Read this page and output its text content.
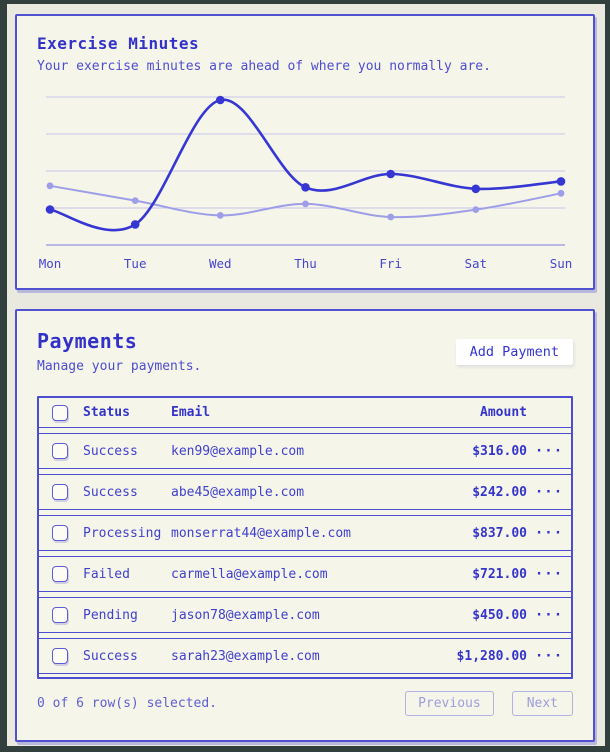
Exercise Minutes
Your exercise minutes are ahead of where you normally are.
Mon	Tue	Wed	Thu	Fri	Sat	Sun
Payments
Manage your payments.
Add Payment
Status	Email	Amount
Success	ken99@example.com	$316.00 ···
Success	abe45@example.com	$242.00 ···
Processing monserrat44@example.com	$837.00 ···
Failed	carmella@example.com	$721.00 ···
Pending	jason78@example.com	$450.00 ···
Success	sarah23@example.com	$1,280.00 ···
0 of 6 row(s) selected.	Previous	Next
